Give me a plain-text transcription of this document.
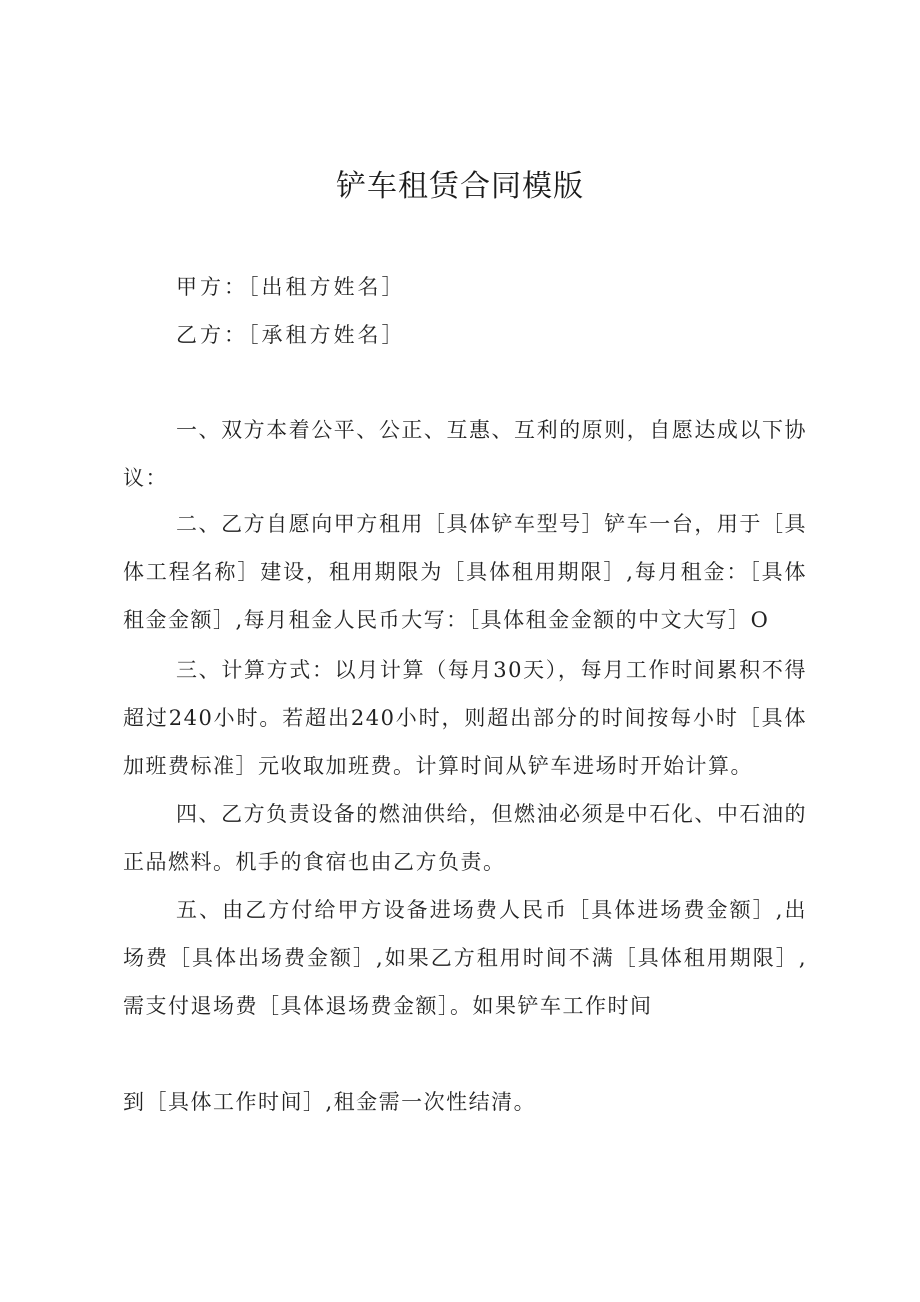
铲车租赁合同模版
甲方：［出租方姓名］
乙方：［承租方姓名］
一、双方本着公平、公正、互惠、互利的原则，自愿达成以下协议：
二、乙方自愿向甲方租用［具体铲车型号］铲车一台，用于［具体工程名称］建设，租用期限为［具体租用期限］,每月租金：［具体租金金额］,每月租金人民币大写：［具体租金金额的中文大写］O
三、计算方式：以月计算（每月30天），每月工作时间累积不得超过240小时。若超出240小时，则超出部分的时间按每小时［具体加班费标准］元收取加班费。计算时间从铲车进场时开始计算。
四、乙方负责设备的燃油供给，但燃油必须是中石化、中石油的正品燃料。机手的食宿也由乙方负责。
五、由乙方付给甲方设备进场费人民币［具体进场费金额］,出场费［具体出场费金额］,如果乙方租用时间不满［具体租用期限］,需支付退场费［具体退场费金额］。如果铲车工作时间
到［具体工作时间］,租金需一次性结清。
